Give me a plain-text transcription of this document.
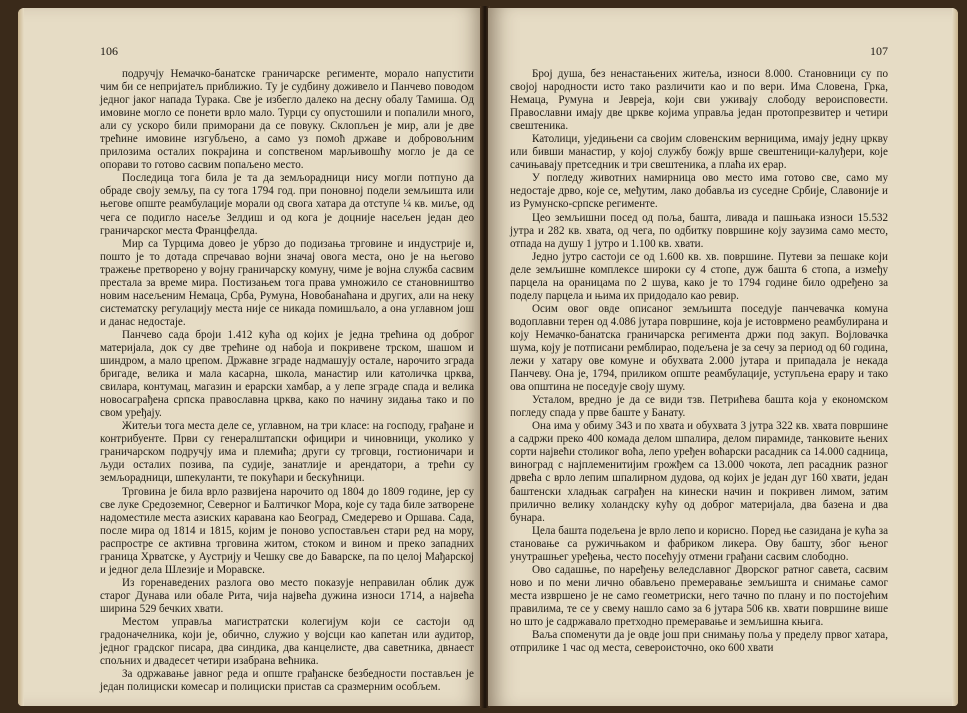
106

подручју Немачко-банатске граничарске регименте, морало напустити чим би се непријатељ приближио. Ту је судбину доживело и Панчево поводом једног јаког напада Турака. Све је избегло далеко на десну обалу Тамиша. Од имовине могло се понети врло мало. Турци су опустошили и попалили много, али су ускоро били приморани да се повуку. Склопљен је мир, али је две трећине имовине изгубљено, а само уз помоћ државе и добровољним прилозима осталих покрајина и сопственом марљивошћу могло је да се опорави то готово сасвим попаљено место.

Последица тога била је та да земљорадници нису могли потпуно да обраде своју земљу, па су тога 1794 год. при поновној подели земљишта или његове опште реамбулације морали од свога хатара да отступе ¼ кв. миље, од чега се подигло насеље Зелдиш и од кога је доцније насељен један део граничарског места Францфелда.

Мир са Турцима довео је убрзо до подизања трговине и индустрије и, пошто је то дотада спречавао војни значај овога места, оно је на његово тражење претворено у војну граничарску комуну, чиме је војна служба сасвим престала за време мира. Постизањем тога права умножило се становништво новим насељеним Немаца, Срба, Румуна, Новобанаћана и других, али на неку систематску регулацију места није се никада помишљало, а она углавном још и данас недостаје.

Панчево сада броји 1.412 кућа од којих је једна трећина од доброг материјала, док су две трећине од набоја и покривене трском, шашом и шиндром, а мало црепом. Државне зграде надмашују остале, нарочито зграда бригаде, велика и мала касарна, школа, манастир или католичка црква, свилара, контумац, магазин и ерарски хамбар, а у лепе зграде спада и велика новосаграђена српска православна црква, како по начину зидања тако и по свом уређају.

Житељи тога места деле се, углавном, на три класе: на господу, грађане и контрибуенте. Први су генералштапски официри и чиновници, уколико у граничарском подручју има и племића; други су трговци, гостионичари и људи осталих позива, па судије, занатлије и арендатори, а трећи су земљорадници, шпекуланти, те покућари и бескућници.

Трговина је била врло развијена нарочито од 1804 до 1809 године, јер су све луке Средоземног, Северног и Балтичког Мора, које су тада биле затворене надоместиле места азиских каравана као Београд, Смедерево и Оршава. Сада, после мира од 1814 и 1815, којим је поново успостављен стари ред на мору, распростре се активна трговина житом, стоком и вином и прекo западних граница Хрватске, у Аустрију и Чешку све до Баварске, па по целој Мађарској и једног дела Шлезије и Моравске.

Из горенаведених разлога ово место показује неправилан облик дуж старог Дунава или обале Рита, чија највећа дужина износи 1714, а највећа ширина 529 бечких хвати.

Местом управља магистратски колегијум који се састоји од градоначелника, који је, обично, служио у војсци као капетан или аудитор, једног градског писара, два синдика, два канцелисте, два саветника, двнаест спољних и двадесет четири изабрана већника.

За одржавање јавног реда и опште грађанске безбедности постављен је један полициски комесар и полициски пристав са сразмерним особљем.

107

Број душа, без ненастањених житеља, износи 8.000. Становници су по својој народности исто тако различити као и по вери. Има Словена, Грка, Немаца, Румуна и Јевреја, који сви уживају слободу вероисповести. Православни имају две цркве којима управља један протопрезвитер и четири свештеника.

Католици, уједињени са својим словенским верницима, имају једну цркву или бивши манастир, у којој службу божју врше свештеници-калуђери, које сачињавају претседник и три свештеника, а плаћа их ерар.

У погледу животних намирница ово место има готово све, само му недостаје дрво, које се, међутим, лако добавља из суседне Србије, Славоније и из Румунско-српске регименте.

Цео земљишни посед од поља, башта, ливада и пашњака износи 15.532 јутра и 282 кв. хвата, од чега, по одбитку површине коју заузима само место, отпада на душу 1 јутро и 1.100 кв. хвати.

Једно јутро састоји се од 1.600 кв. хв. површине. Путеви за пешаке који деле земљишне комплексе широки су 4 стопе, дуж башта 6 стопа, а између парцела на ораницама по 2 шува, како је то 1794 године било одређено за поделу парцела и њима их придодало као ревир.

Осим овог овде описаног земљишта поседује панчевачка комуна водоплавни терен од 4.086 јутара површине, која је истоврмено реамбулирана и коју Немачко-банатска граничарска регимента држи под закуп. Војловачка шума, коју је потписани ремблирао, подељена је за сечу за период од 60 година, лежи у хатару ове комуне и обухвата 2.000 јутара и припадала је некада Панчеву. Она је, 1794, приликом опште реамбулације, уступљена ерару и тако ова општина не поседује своју шуму.

Усталом, вредно је да се види тзв. Петрићева башта која у економском погледу спада у прве баште у Банату.

Она има у обиму 343 и по хвата и обухвата 3 јутра 322 кв. хвата површине а садржи преко 400 комада делом шпалира, делом пирамиде, танковите њених сорти највећи столиког воћа, лепо уређен воћарски расадник са 14.000 садница, виноград с најплеменитијим грожђем са 13.000 чокота, леп расадник разног дрвећа с врло лепим шпалирном дудова, од којих је један дуг 160 хвати, један баштенски хладњак сагрaђен на кинески начин и покривен лимом, затим прилично велику холандску кућу од доброг материјала, два базена и два бунара.

Цела башта подељена је врло лепо и корисно. Поред ње сазидана је кућа за становање са ружичњаком и фабриком ликера. Ову башту, због њеног унутрашњег уређења, често посећују отмени грађани сасвим слободно.

Ово садашње, по наређењу веледславног Дворског ратног савета, сасвим ново и по мени лично обављено премеравање земљишта и снимање самог места извршено је не само геометриски, него тачно по плану и по постојећим правилима, те се у свему нашло само за 6 јутара 506 кв. хвати површине више но што је садржавало претходно премеравање и земљишна књига.

Ваља споменути да је овде још при снимању поља у пределу првог хатара, отприлике 1 час од места, североисточно, око 600 хвати
